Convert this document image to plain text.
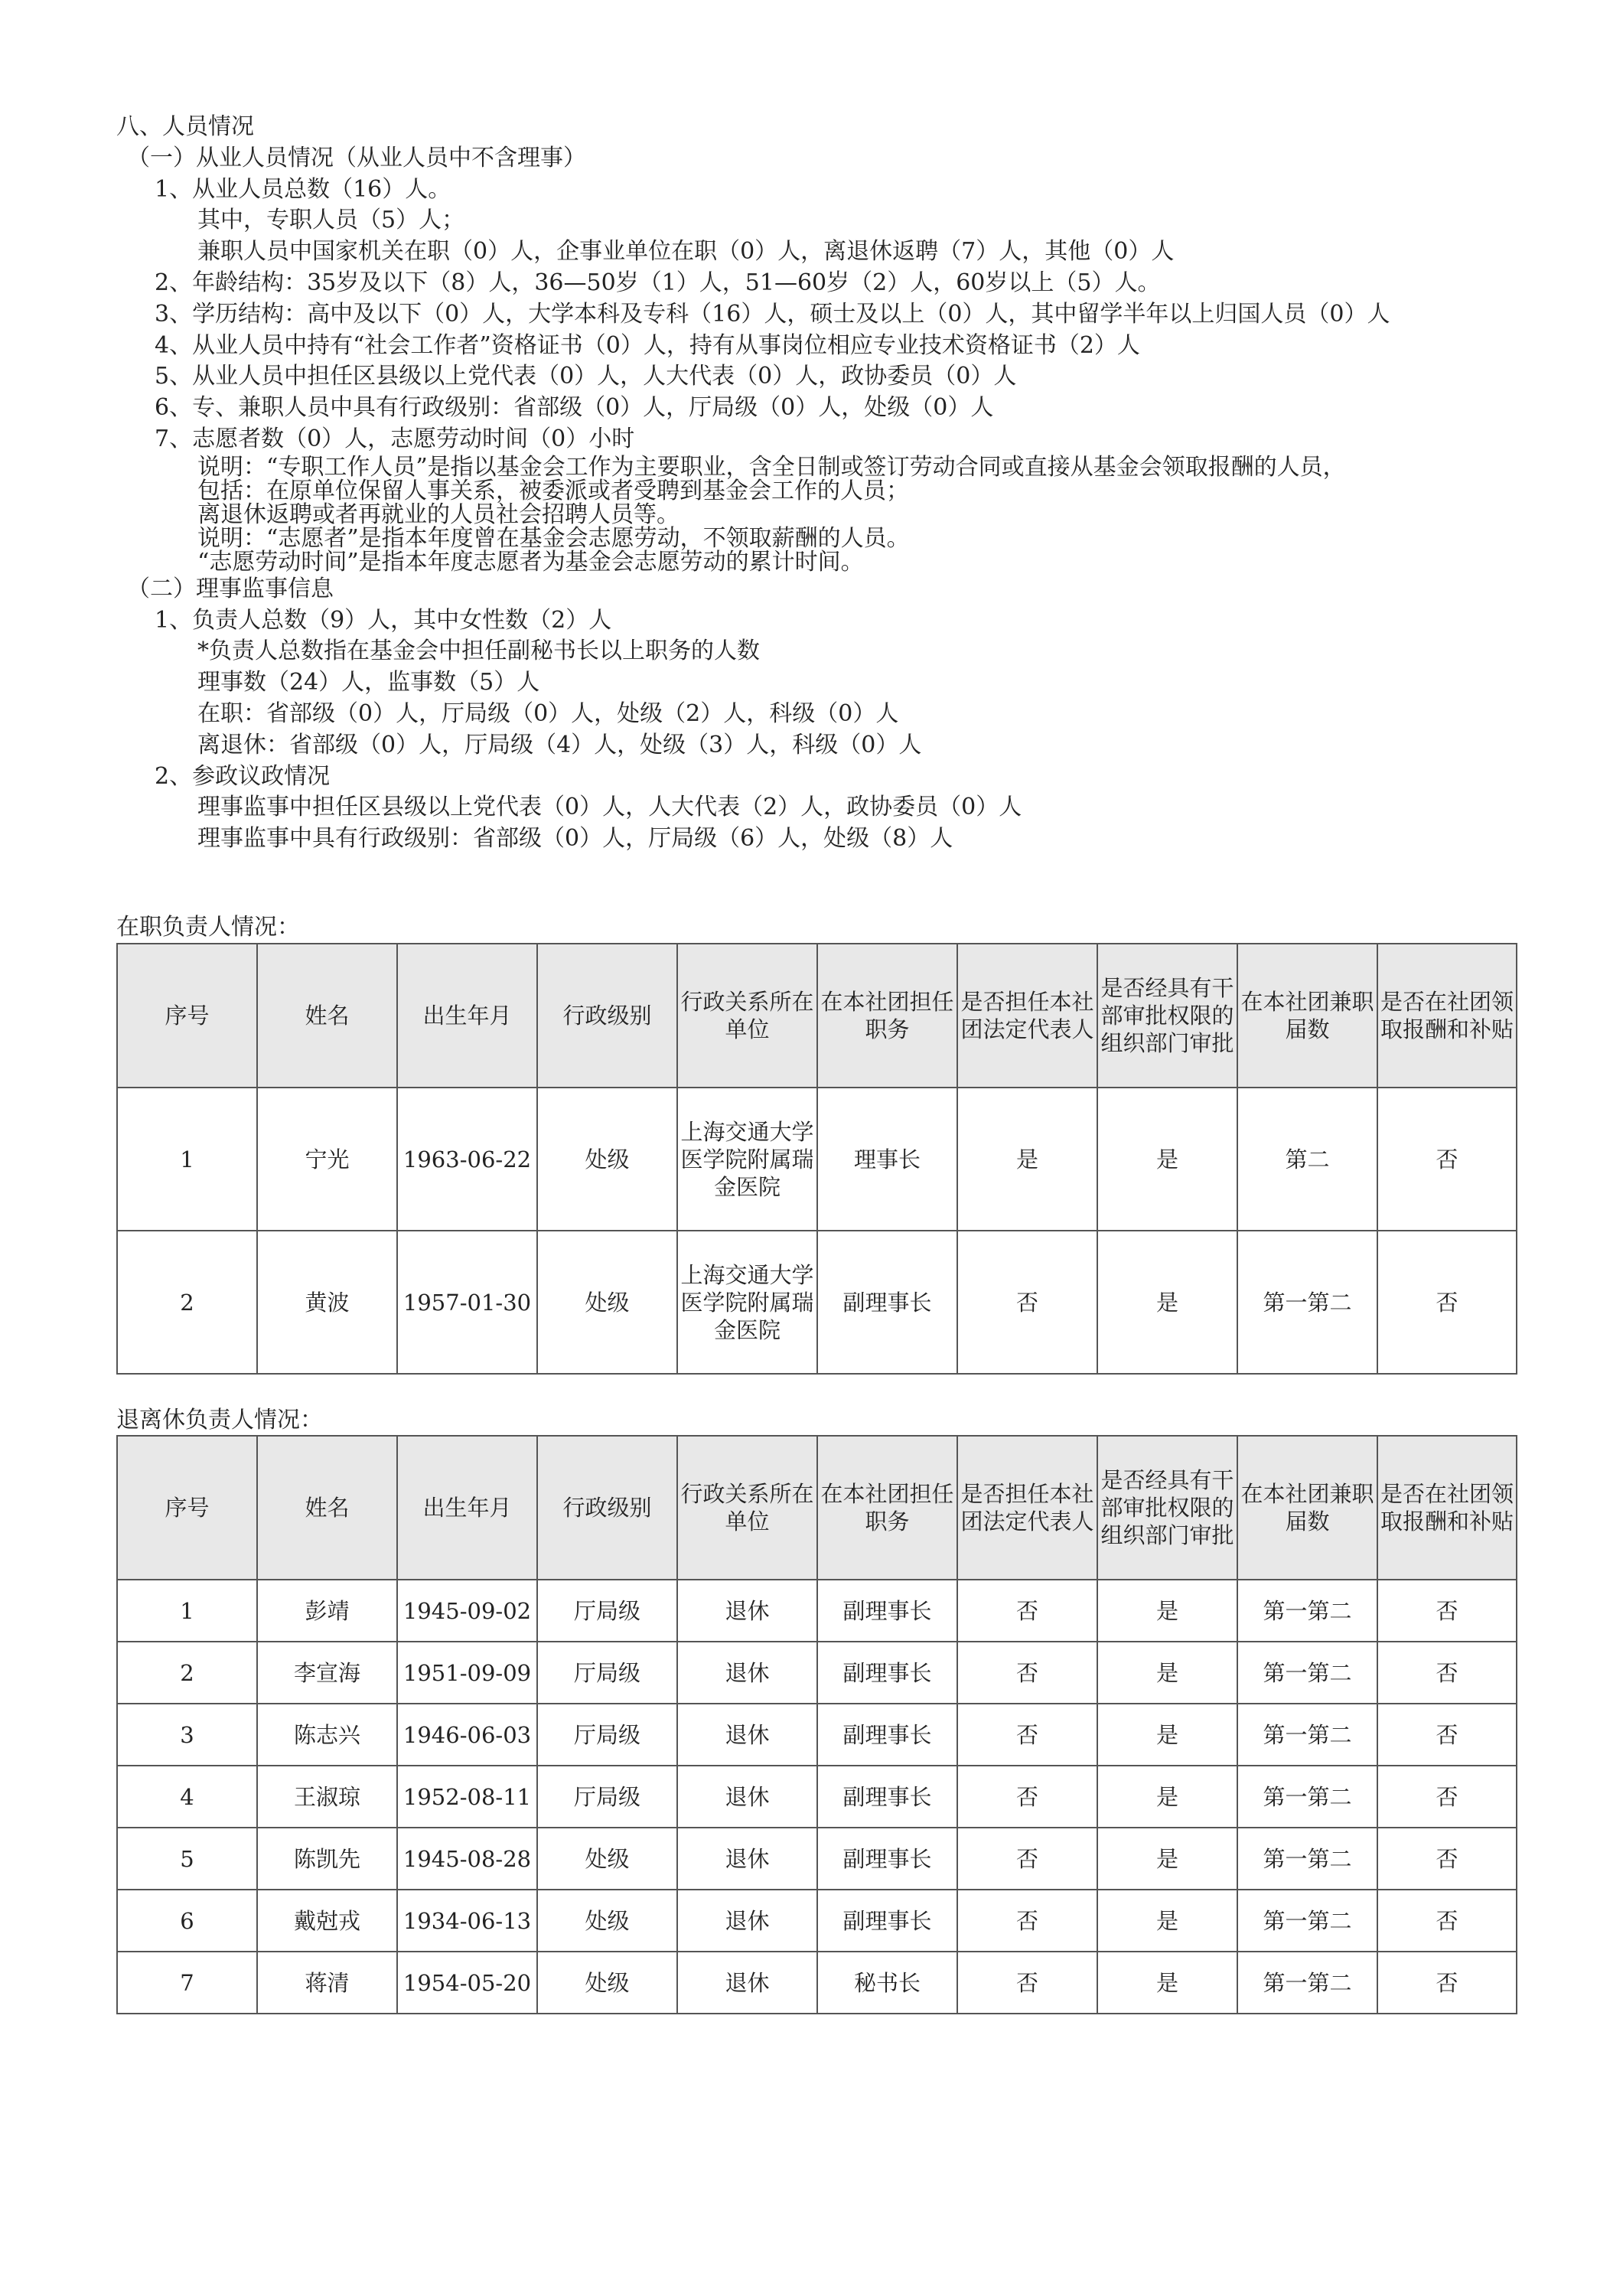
八、人员情况
（一）从业人员情况（从业人员中不含理事）
1、从业人员总数（16）人。
其中，专职人员（5）人；
兼职人员中国家机关在职（0）人，企事业单位在职（0）人，离退休返聘（7）人，其他（0）人
2、年龄结构：35岁及以下（8）人，36—50岁（1）人，51—60岁（2）人，60岁以上（5）人。
3、学历结构：高中及以下（0）人，大学本科及专科（16）人，硕士及以上（0）人，其中留学半年以上归国人员（0）人
4、从业人员中持有“社会工作者”资格证书（0）人，持有从事岗位相应专业技术资格证书（2）人
5、从业人员中担任区县级以上党代表（0）人，人大代表（0）人，政协委员（0）人
6、专、兼职人员中具有行政级别：省部级（0）人，厅局级（0）人，处级（0）人
7、志愿者数（0）人，志愿劳动时间（0）小时
说明：“专职工作人员”是指以基金会工作为主要职业，含全日制或签订劳动合同或直接从基金会领取报酬的人员，
包括：在原单位保留人事关系，被委派或者受聘到基金会工作的人员；
离退休返聘或者再就业的人员社会招聘人员等。
说明：“志愿者”是指本年度曾在基金会志愿劳动，不领取薪酬的人员。
“志愿劳动时间”是指本年度志愿者为基金会志愿劳动的累计时间。
（二）理事监事信息
1、负责人总数（9）人，其中女性数（2）人
*负责人总数指在基金会中担任副秘书长以上职务的人数
理事数（24）人，监事数（5）人
在职：省部级（0）人，厅局级（0）人，处级（2）人，科级（0）人
离退休：省部级（0）人，厅局级（4）人，处级（3）人，科级（0）人
2、参政议政情况
理事监事中担任区县级以上党代表（0）人，人大代表（2）人，政协委员（0）人
理事监事中具有行政级别：省部级（0）人，厅局级（6）人，处级（8）人
在职负责人情况：
序号	姓名	出生年月	行政级别	行政关系所在单位	在本社团担任职务	是否担任本社团法定代表人	是否经具有干部审批权限的组织部门审批	在本社团兼职届数	是否在社团领取报酬和补贴
1	宁光	1963-06-22	处级	上海交通大学医学院附属瑞金医院	理事长	是	是	第二	否
2	黄波	1957-01-30	处级	上海交通大学医学院附属瑞金医院	副理事长	否	是	第一第二	否
退离休负责人情况：
序号	姓名	出生年月	行政级别	行政关系所在单位	在本社团担任职务	是否担任本社团法定代表人	是否经具有干部审批权限的组织部门审批	在本社团兼职届数	是否在社团领取报酬和补贴
1	彭靖	1945-09-02	厅局级	退休	副理事长	否	是	第一第二	否
2	李宣海	1951-09-09	厅局级	退休	副理事长	否	是	第一第二	否
3	陈志兴	1946-06-03	厅局级	退休	副理事长	否	是	第一第二	否
4	王淑琼	1952-08-11	厅局级	退休	副理事长	否	是	第一第二	否
5	陈凯先	1945-08-28	处级	退休	副理事长	否	是	第一第二	否
6	戴尅戎	1934-06-13	处级	退休	副理事长	否	是	第一第二	否
7	蒋清	1954-05-20	处级	退休	秘书长	否	是	第一第二	否
